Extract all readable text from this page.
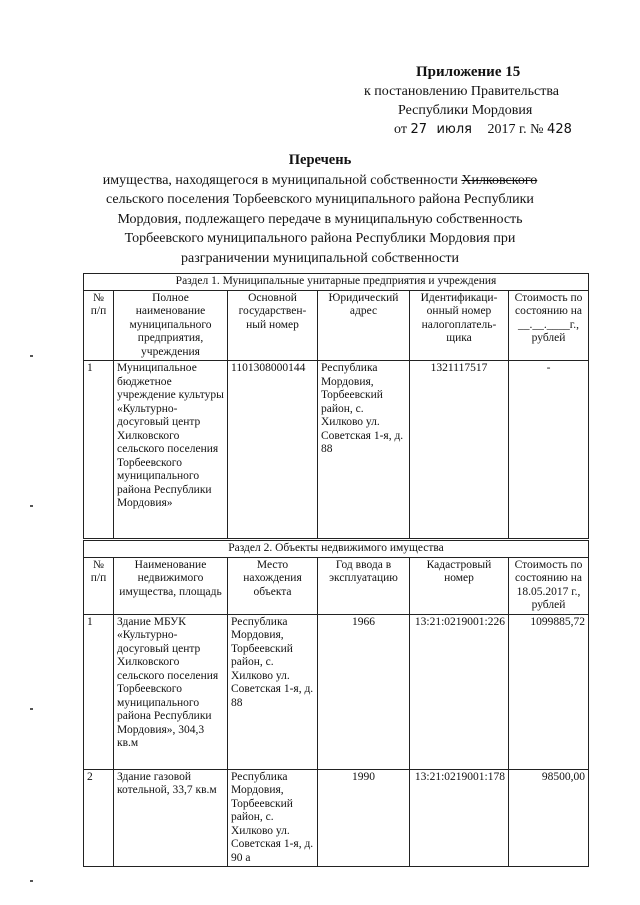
Приложение 15
к постановлению Правительства
Республики Мордовия
от 27 июля 2017 г. № 428
Перечень
имущества, находящегося в муниципальной собственности Хилковского
сельского поселения Торбеевского муниципального района Республики
Мордовия, подлежащего передаче в муниципальную собственность
Торбеевского муниципального района Республики Мордовия при
разграничении муниципальной собственности
Раздел 1. Муниципальные унитарные предприятия и учреждения					
№ п/п	Полное наименование муниципального предприятия, учреждения	Основной государствен-ный номер	Юридический адрес	Идентификаци-онный номер налогоплатель-щика	Стоимость по состоянию на
__.__.____г.,
рублей

1	Муниципальное бюджетное учреждение культуры «Культурно-досуговый центр Хилковского сельского поселения Торбеевского муниципального района Республики Мордовия»	1101308000144	Республика Мордовия, Торбеевский район, с. Хилково ул. Советская 1-я, д. 88	1321117517	-
Раздел 2. Объекты недвижимого имущества					
№ п/п	Наименование недвижимого имущества, площадь	Место нахождения объекта	Год ввода в эксплуатацию	Кадастровый номер	Стоимость по состоянию на 18.05.2017 г., рублей
1	Здание МБУК «Культурно-досуговый центр Хилковского сельского поселения Торбеевского муниципального района Республики Мордовия», 304,3 кв.м	Республика Мордовия, Торбеевский район, с. Хилково ул. Советская 1-я, д. 88	1966	13:21:0219001:226	1099885,72
2	Здание газовой котельной, 33,7 кв.м	Республика Мордовия, Торбеевский район, с. Хилково ул. Советская 1-я, д. 90 а	1990	13:21:0219001:178	98500,00
